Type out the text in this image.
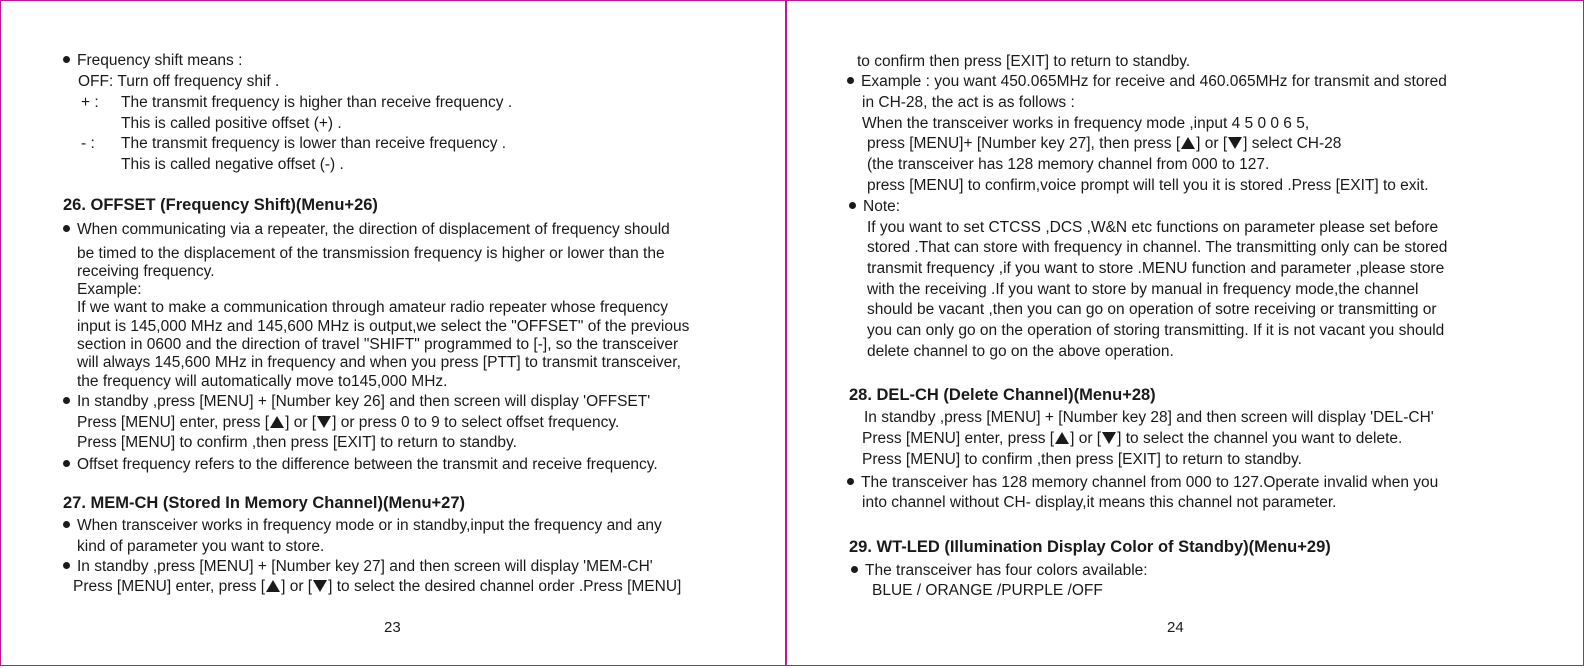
Frequency shift means :
OFF: Turn off frequency shif .
+ : The transmit frequency is higher than receive frequency .
This is called positive offset (+) .
- : The transmit frequency is lower than receive frequency .
This is called negative offset (-) .
26. OFFSET (Frequency Shift)(Menu+26)
When communicating via a repeater, the direction of displacement of frequency should
be timed to the displacement of the transmission frequency is higher or lower than the
receiving frequency.
Example:
If we want to make a communication through amateur radio repeater whose frequency
input is 145,000 MHz and 145,600 MHz is output,we select the "OFFSET" of the previous
section in 0600 and the direction of travel "SHIFT" programmed to [-], so the transceiver
will always 145,600 MHz in frequency and when you press [PTT] to transmit transceiver,
the frequency will automatically move to145,000 MHz.
In standby ,press [MENU] + [Number key 26] and then screen will display 'OFFSET'
Press [MENU] enter, press [ ] or [ ] or press 0 to 9 to select offset frequency.
Press [MENU] to confirm ,then press [EXIT] to return to standby.
Offset frequency refers to the difference between the transmit and receive frequency.
27. MEM-CH (Stored In Memory Channel)(Menu+27)
When transceiver works in frequency mode or in standby,input the frequency and any
kind of parameter you want to store.
In standby ,press [MENU] + [Number key 27] and then screen will display 'MEM-CH'
Press [MENU] enter, press [ ] or [ ] to select the desired channel order .Press [MENU]
23
to confirm then press [EXIT] to return to standby.
Example : you want 450.065MHz for receive and 460.065MHz for transmit and stored
in CH-28, the act is as follows :
When the transceiver works in frequency mode ,input 4 5 0 0 6 5,
press [MENU]+ [Number key 27], then press [ ] or [ ] select CH-28
(the transceiver has 128 memory channel from 000 to 127.
press [MENU] to confirm,voice prompt will tell you it is stored .Press [EXIT] to exit.
Note:
If you want to set CTCSS ,DCS ,W&N etc functions on parameter please set before
stored .That can store with frequency in channel. The transmitting only can be stored
transmit frequency ,if you want to store .MENU function and parameter ,please store
with the receiving .If you want to store by manual in frequency mode,the channel
should be vacant ,then you can go on operation of sotre receiving or transmitting or
you can only go on the operation of storing transmitting. If it is not vacant you should
delete channel to go on the above operation.
28. DEL-CH (Delete Channel)(Menu+28)
In standby ,press [MENU] + [Number key 28] and then screen will display 'DEL-CH'
Press [MENU] enter, press [ ] or [ ] to select the channel you want to delete.
Press [MENU] to confirm ,then press [EXIT] to return to standby.
The transceiver has 128 memory channel from 000 to 127.Operate invalid when you
into channel without CH- display,it means this channel not parameter.
29. WT-LED (Illumination Display Color of Standby)(Menu+29)
The transceiver has four colors available:
BLUE / ORANGE /PURPLE /OFF
24
